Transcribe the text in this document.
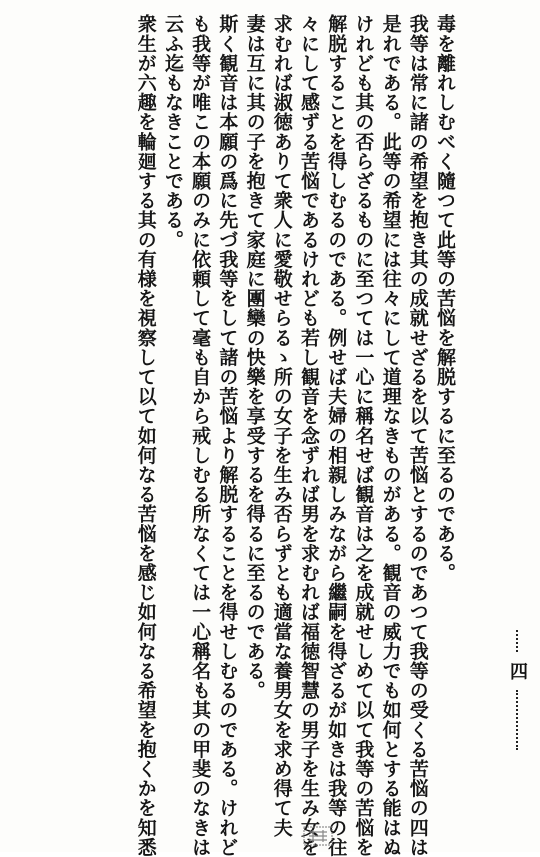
毒を離れしむべく隨つて此等の苦悩を解脱するに至るのである。
我等は常に諸の希望を抱き其の成就せざるを以て苦悩とするのであつて我等の受くる苦悩の四は
是れである。此等の希望には往々にして道理なきものがある。観音の威力でも如何とする能はぬ
けれども其の否らざるものに至つては一心に稱名せば観音は之を成就せしめて以て我等の苦悩を
解脱することを得しむるのである。例せば夫婦の相親しみながら繼嗣を得ざるが如きは我等の往
々にして感ずる苦悩であるけれども若し観音を念ずれば男を求むれば福徳智慧の男子を生み女を
求むれば淑徳ありて衆人に愛敬せらるゝ所の女子を生み否らずとも適當な養男女を求め得て夫
妻は互に其の子を抱きて家庭に團欒の快樂を享受するを得るに至るのである。
斯く観音は本願の爲に先づ我等をして諸の苦悩より解脱することを得せしむるのである。けれど
も我等が唯この本願のみに依頼して毫も自から戒しむる所なくては一心稱名も其の甲斐のなきは
云ふ迄もなきことである。
衆生が六趣を輪廻する其の有様を視察して以て如何なる苦悩を感じ如何なる希望を抱くかを知悉	四
